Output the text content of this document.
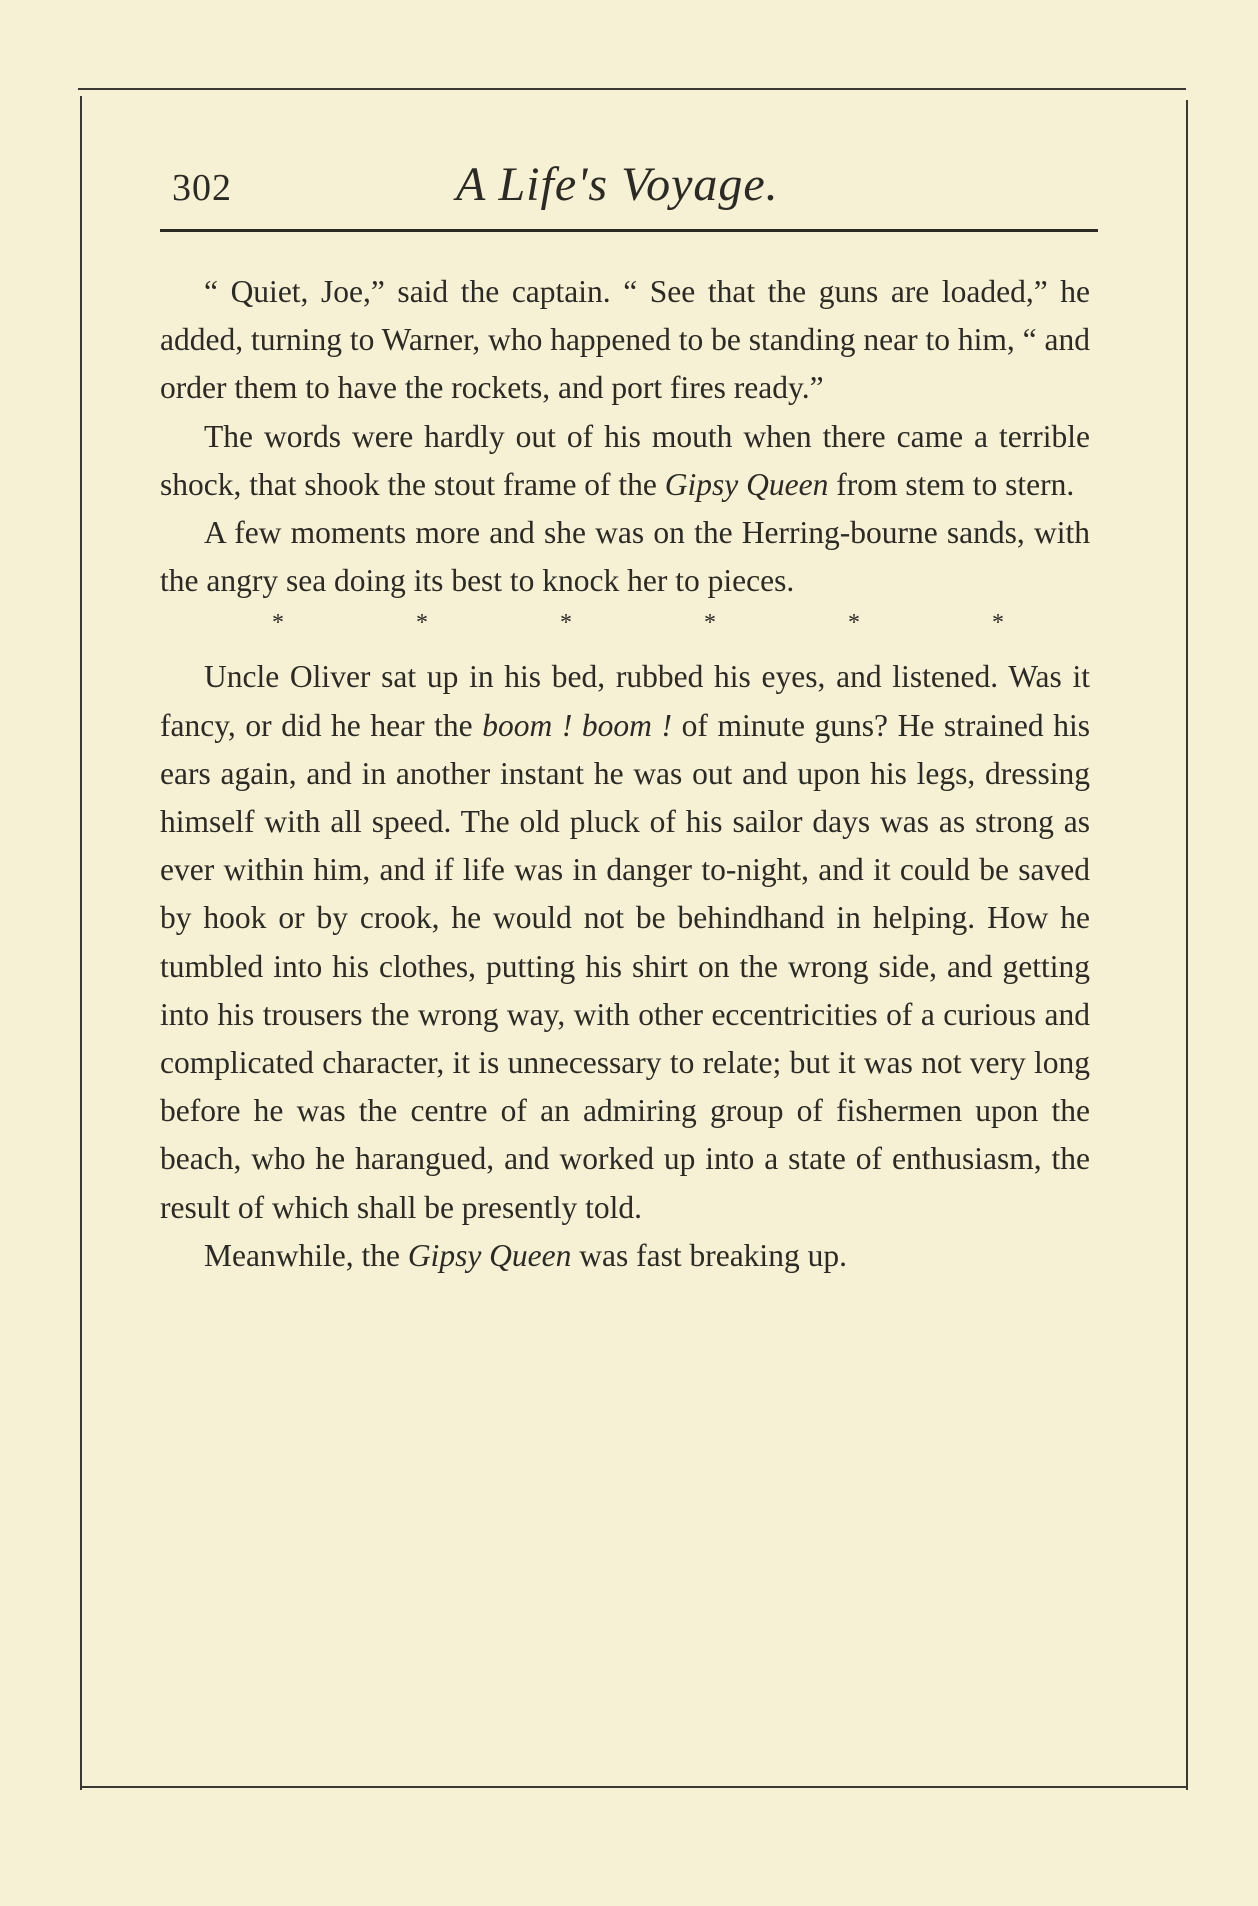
302	A Life's Voyage.

“ Quiet, Joe,” said the captain. “ See that the guns are loaded,” he added, turning to Warner, who happened to be standing near to him, “ and order them to have the rockets, and port fires ready.”

The words were hardly out of his mouth when there came a terrible shock, that shook the stout frame of the Gipsy Queen from stem to stern.

A few moments more and she was on the Herring-bourne sands, with the angry sea doing its best to knock her to pieces.

*	*	*	*	*	*

Uncle Oliver sat up in his bed, rubbed his eyes, and listened. Was it fancy, or did he hear the boom ! boom ! of minute guns? He strained his ears again, and in another instant he was out and upon his legs, dressing himself with all speed. The old pluck of his sailor days was as strong as ever within him, and if life was in danger to-night, and it could be saved by hook or by crook, he would not be behindhand in helping. How he tumbled into his clothes, putting his shirt on the wrong side, and getting into his trousers the wrong way, with other eccentricities of a curious and complicated character, it is unnecessary to relate; but it was not very long before he was the centre of an admiring group of fishermen upon the beach, who he harangued, and worked up into a state of enthusiasm, the result of which shall be presently told.

Meanwhile, the Gipsy Queen was fast breaking up.
